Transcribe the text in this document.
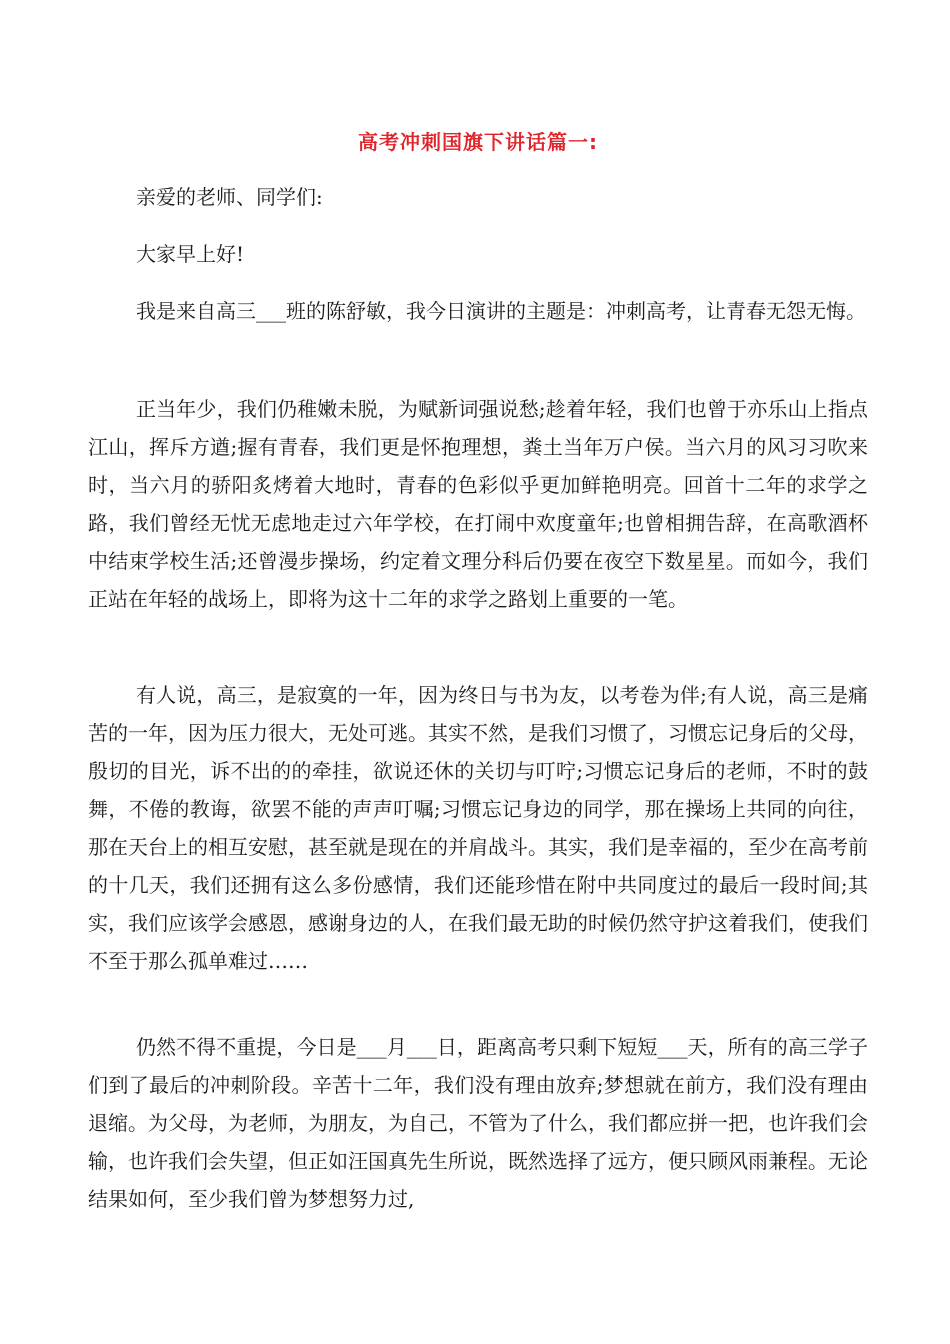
高考冲刺国旗下讲话篇一:

亲爱的老师、同学们:

大家早上好!

我是来自高三___班的陈舒敏，我今日演讲的主题是：冲刺高考，让青春无怨无悔。

正当年少，我们仍稚嫩未脱，为赋新词强说愁;趁着年轻，我们也曾于亦乐山上指点江山，挥斥方遒;握有青春，我们更是怀抱理想，粪土当年万户侯。当六月的风习习吹来时，当六月的骄阳炙烤着大地时，青春的色彩似乎更加鲜艳明亮。回首十二年的求学之路，我们曾经无忧无虑地走过六年学校，在打闹中欢度童年;也曾相拥告辞，在高歌酒杯中结束学校生活;还曾漫步操场，约定着文理分科后仍要在夜空下数星星。而如今，我们正站在年轻的战场上，即将为这十二年的求学之路划上重要的一笔。

有人说，高三，是寂寞的一年，因为终日与书为友，以考卷为伴;有人说，高三是痛苦的一年，因为压力很大，无处可逃。其实不然，是我们习惯了，习惯忘记身后的父母，殷切的目光，诉不出的的牵挂，欲说还休的关切与叮咛;习惯忘记身后的老师，不时的鼓舞，不倦的教诲，欲罢不能的声声叮嘱;习惯忘记身边的同学，那在操场上共同的向往，那在天台上的相互安慰，甚至就是现在的并肩战斗。其实，我们是幸福的，至少在高考前的十几天，我们还拥有这么多份感情，我们还能珍惜在附中共同度过的最后一段时间;其实，我们应该学会感恩，感谢身边的人，在我们最无助的时候仍然守护这着我们，使我们不至于那么孤单难过……

仍然不得不重提，今日是___月___日，距离高考只剩下短短___天，所有的高三学子们到了最后的冲刺阶段。辛苦十二年，我们没有理由放弃;梦想就在前方，我们没有理由退缩。为父母，为老师，为朋友，为自己，不管为了什么，我们都应拼一把，也许我们会输，也许我们会失望，但正如汪国真先生所说，既然选择了远方，便只顾风雨兼程。无论结果如何，至少我们曾为梦想努力过,
